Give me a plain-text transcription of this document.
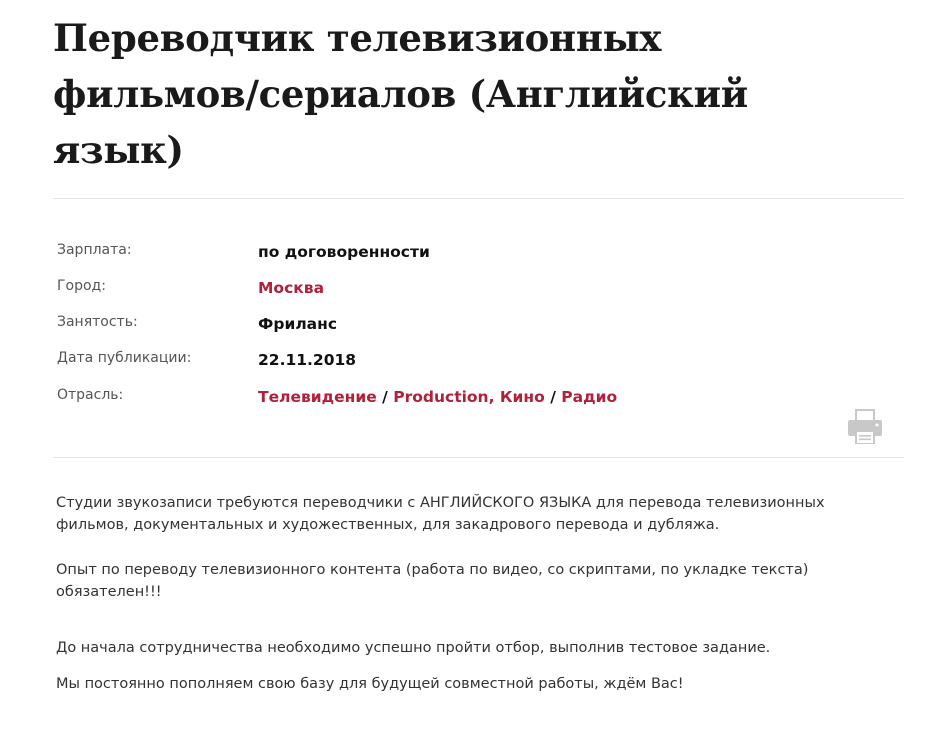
Переводчик телевизионных фильмов/сериалов (Английский язык)
Зарплата:	по договоренности
Город:	Москва
Занятость:	Фриланс
Дата публикации:	22.11.2018
Отрасль:	Телевидение / Production, Кино / Радио

Студии звукозаписи требуются переводчики с АНГЛИЙСКОГО ЯЗЫКА для перевода телевизионных фильмов, документальных и художественных, для закадрового перевода и дубляжа.

Опыт по переводу телевизионного контента (работа по видео, со скриптами, по укладке текста) обязателен!!!

До начала сотрудничества необходимо успешно пройти отбор, выполнив тестовое задание.

Мы постоянно пополняем свою базу для будущей совместной работы, ждём Вас!
